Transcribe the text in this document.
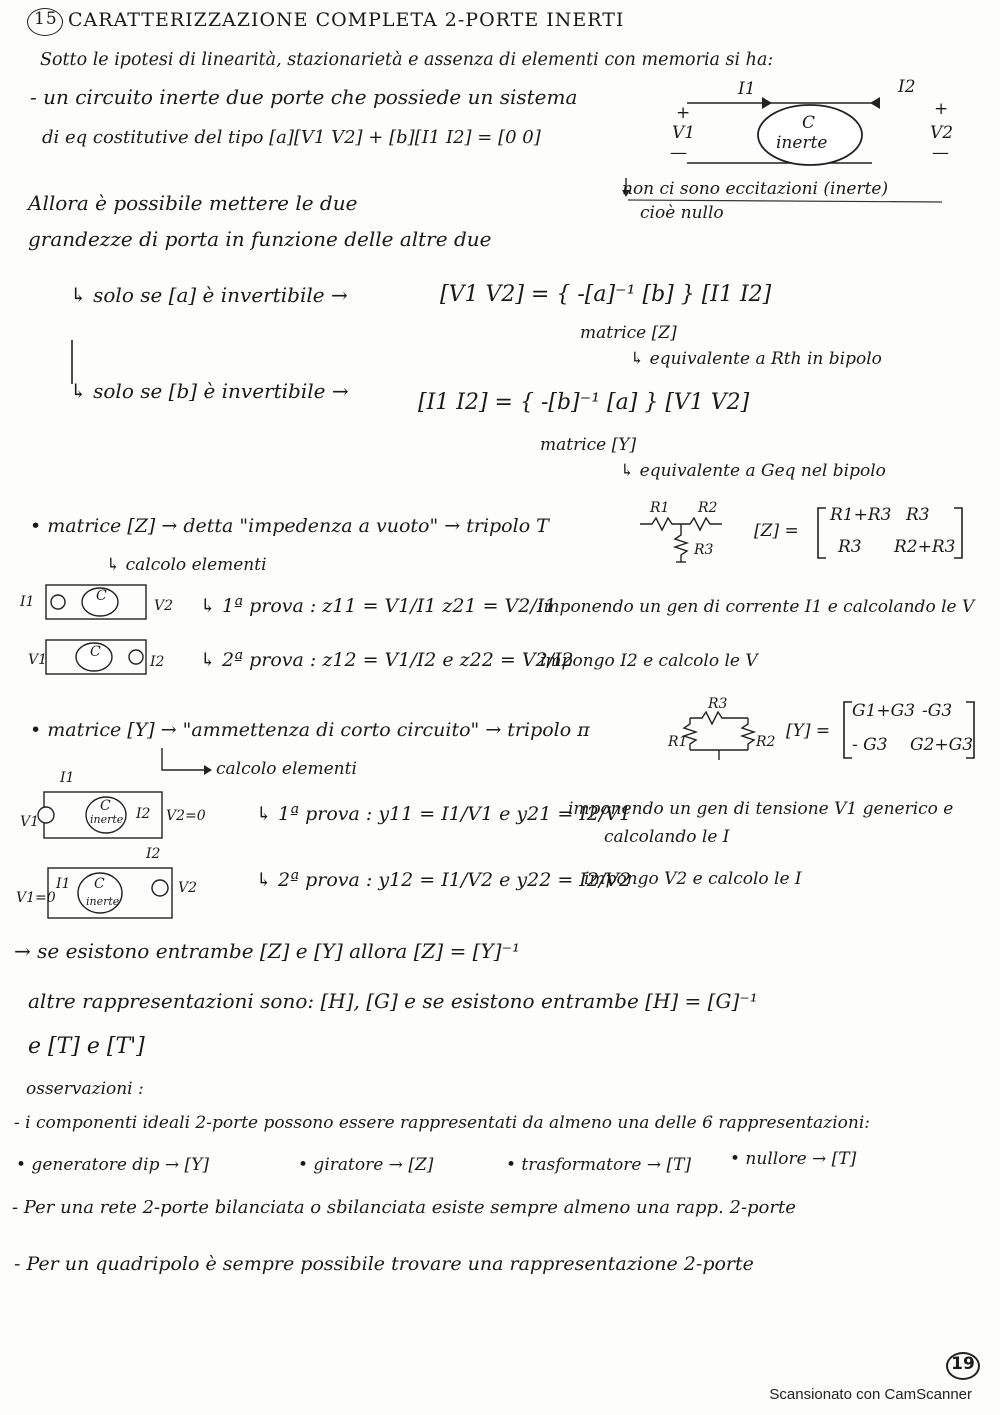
15 CARATTERIZZAZIONE COMPLETA 2-PORTE INERTI
Sotto le ipotesi di linearità, stazionarietà e assenza di elementi con memoria si ha:
- un circuito inerte due porte che possiede un sistema
di eq costitutive del tipo [a][V1 V2] + [b][I1 I2] = [0 0]
I1	I2
+
V1
—
+
V2
—
C
inerte
non ci sono eccitazioni (inerte)
cioè nullo
Allora è possibile mettere le due
grandezze di porta in funzione delle altre due
↳ solo se [a] è invertibile →	[V1 V2] = { -[a]⁻¹ [b] } [I1 I2]
matrice [Z]
↳ equivalente a Rth in bipolo
↳ solo se [b] è invertibile →	[I1 I2] = { -[b]⁻¹ [a] } [V1 V2]
matrice [Y]
↳ equivalente a Geq nel bipolo
• matrice [Z] → detta "impedenza a vuoto" → tripolo T
R1 R2
R3
[Z] =
R1+R3 R3
R3 R2+R3
↳ calcolo elementi
I1	V2
C
V1	I2
C
↳ 1ª prova : z11 = V1/I1 z21 = V2/I1
imponendo un gen di corrente I1 e calcolando le V
↳ 2ª prova : z12 = V1/I2 e z22 = V2/I2
impongo I2 e calcolo le V
• matrice [Y] → "ammettenza di corto circuito" → tripolo π
R3
R1	R2
[Y] =
G1+G3 -G3
- G3 G2+G3
calcolo elementi
I1
V1
C
inerte I2 V2=0
I2
V1=0
I1 C
inerte
V2
↳ 1ª prova : y11 = I1/V1 e y21 = I2/V1
imponendo un gen di tensione V1 generico e
calcolando le I
↳ 2ª prova : y12 = I1/V2 e y22 = I2/V2
impongo V2 e calcolo le I
→ se esistono entrambe [Z] e [Y] allora [Z] = [Y]⁻¹
altre rappresentazioni sono: [H], [G] e se esistono entrambe [H] = [G]⁻¹
e [T] e [T']
osservazioni :
- i componenti ideali 2-porte possono essere rappresentati da almeno una delle 6 rappresentazioni:
• generatore dip → [Y]	• giratore → [Z]	• trasformatore → [T] • nullore → [T]
- Per una rete 2-porte bilanciata o sbilanciata esiste sempre almeno una rapp. 2-porte
- Per un quadripolo è sempre possibile trovare una rappresentazione 2-porte
19
Scansionato con CamScanner
